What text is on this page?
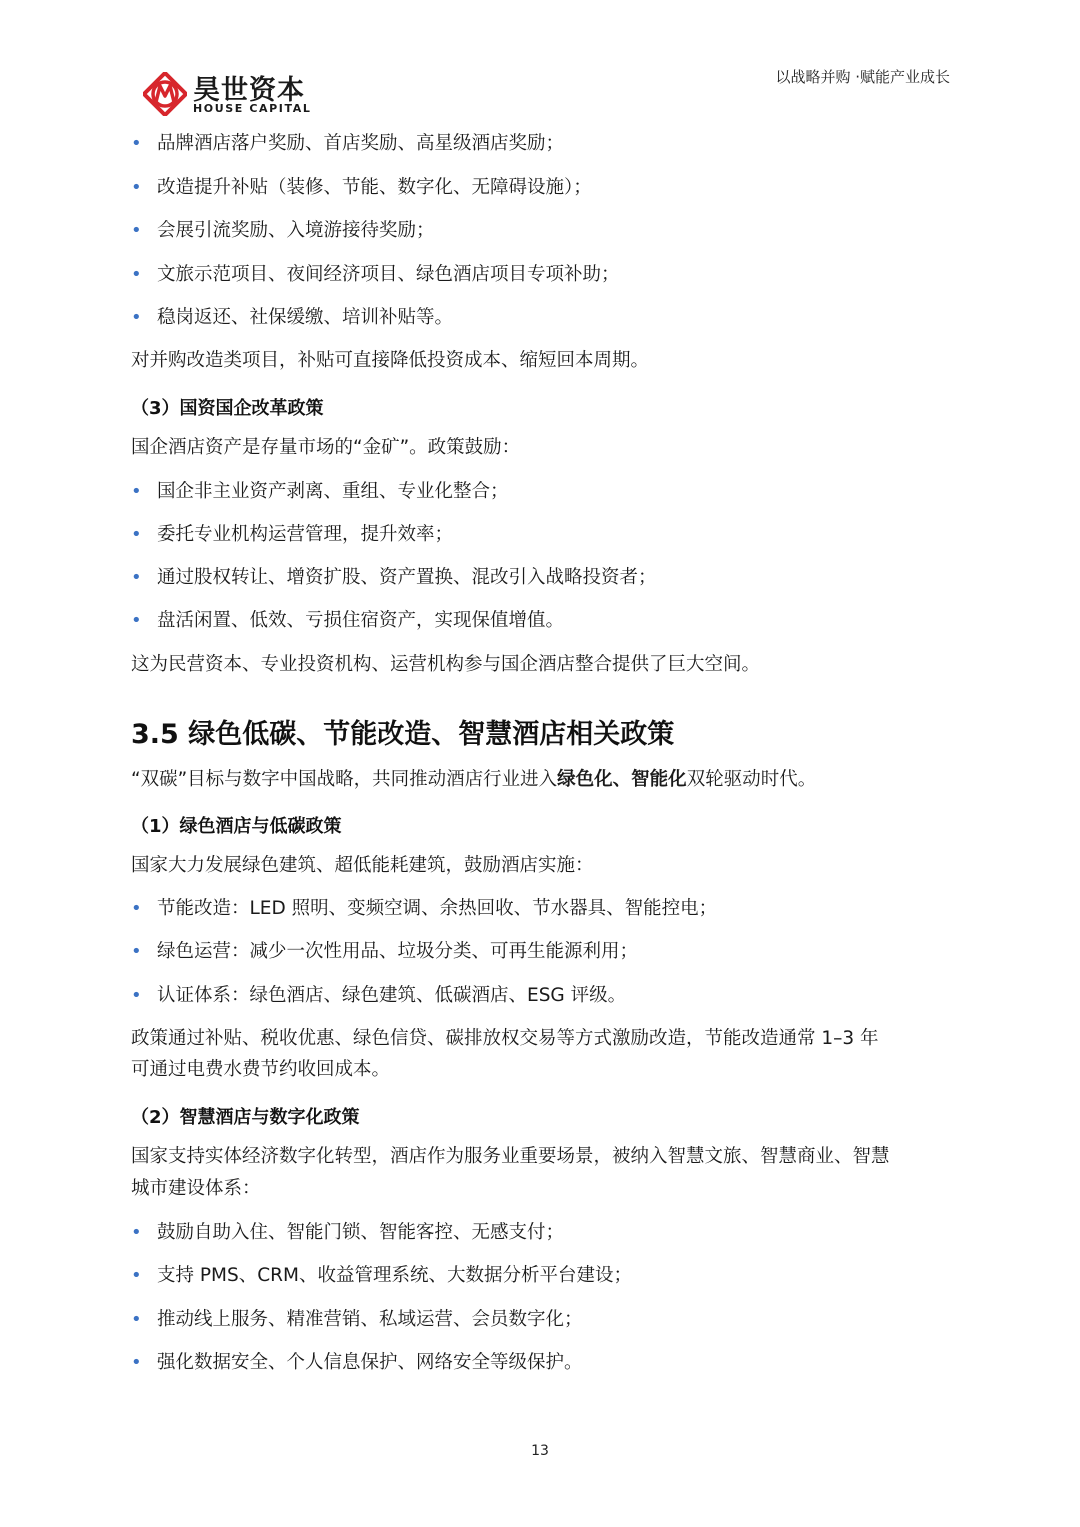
昊世资本
HOUSE CAPITAL
以战略并购 ·赋能产业成长
• 品牌酒店落户奖励、首店奖励、高星级酒店奖励；
• 改造提升补贴（装修、节能、数字化、无障碍设施）；
• 会展引流奖励、入境游接待奖励；
• 文旅示范项目、夜间经济项目、绿色酒店项目专项补助；
• 稳岗返还、社保缓缴、培训补贴等。
对并购改造类项目，补贴可直接降低投资成本、缩短回本周期。
（3）国资国企改革政策
国企酒店资产是存量市场的“金矿”。政策鼓励：
• 国企非主业资产剥离、重组、专业化整合；
• 委托专业机构运营管理，提升效率；
• 通过股权转让、增资扩股、资产置换、混改引入战略投资者；
• 盘活闲置、低效、亏损住宿资产，实现保值增值。
这为民营资本、专业投资机构、运营机构参与国企酒店整合提供了巨大空间。
3.5 绿色低碳、节能改造、智慧酒店相关政策
“双碳”目标与数字中国战略，共同推动酒店行业进入绿色化、智能化双轮驱动时代。
（1）绿色酒店与低碳政策
国家大力发展绿色建筑、超低能耗建筑，鼓励酒店实施：
• 节能改造：LED 照明、变频空调、余热回收、节水器具、智能控电；
• 绿色运营：减少一次性用品、垃圾分类、可再生能源利用；
• 认证体系：绿色酒店、绿色建筑、低碳酒店、ESG 评级。
政策通过补贴、税收优惠、绿色信贷、碳排放权交易等方式激励改造，节能改造通常 1–3 年
可通过电费水费节约收回成本。
（2）智慧酒店与数字化政策
国家支持实体经济数字化转型，酒店作为服务业重要场景，被纳入智慧文旅、智慧商业、智慧
城市建设体系：
• 鼓励自助入住、智能门锁、智能客控、无感支付；
• 支持 PMS、CRM、收益管理系统、大数据分析平台建设；
• 推动线上服务、精准营销、私域运营、会员数字化；
• 强化数据安全、个人信息保护、网络安全等级保护。
13
